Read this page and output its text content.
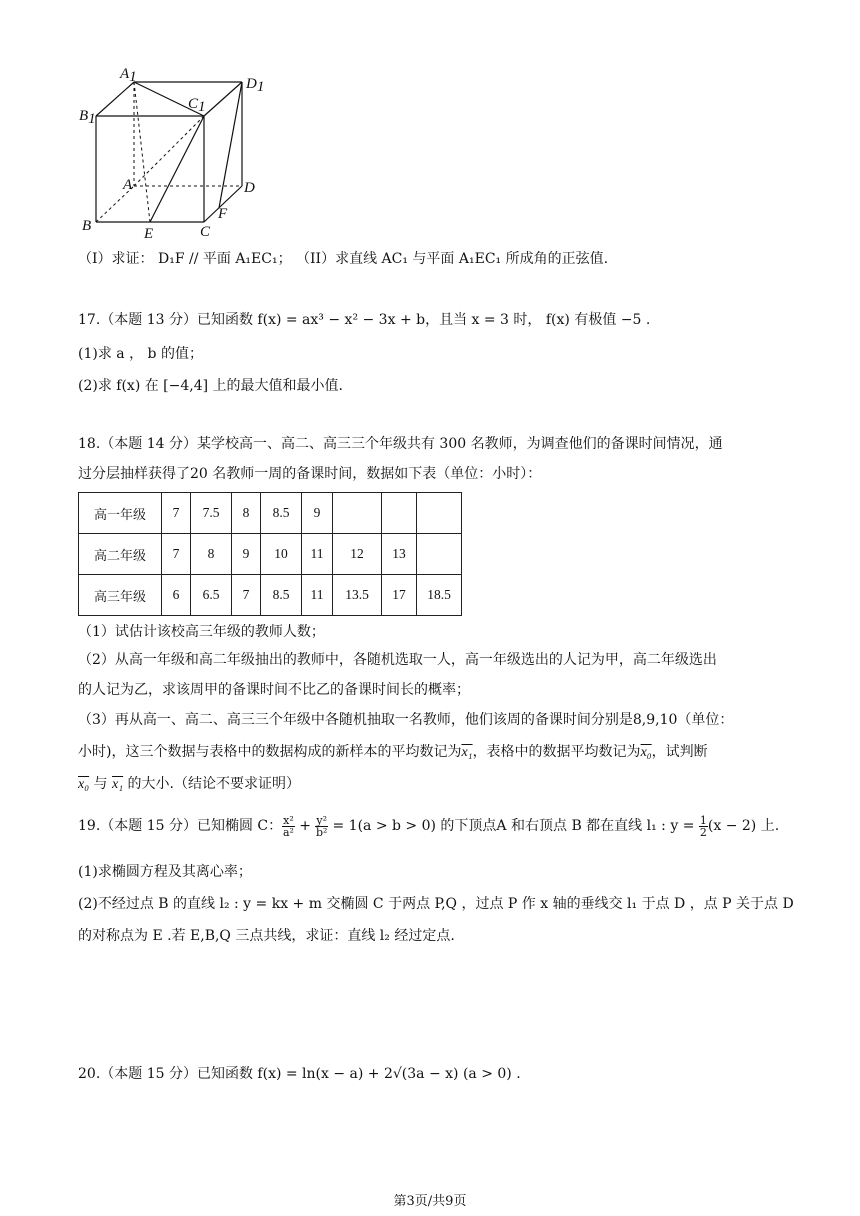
A1	D1
B1
C1
A	D
B	E	C
F
（I）求证： D₁F // 平面 A₁EC₁； （II）求直线 AC₁ 与平面 A₁EC₁ 所成角的正弦值.
17.（本题 13 分）已知函数 f(x) = ax³ − x² − 3x + b，且当 x = 3 时， f(x) 有极值 −5 .
(1)求 a ， b 的值；
(2)求 f(x) 在 [−4,4] 上的最大值和最小值.
18.（本题 14 分）某学校高一、高二、高三三个年级共有 300 名教师，为调查他们的备课时间情况，通
过分层抽样获得了20 名教师一周的备课时间，数据如下表（单位：小时）：
高一年级	7	7.5	8	8.5	9			
高二年级	7	8	9	10	11	12	13	
高三年级	6	6.5	7	8.5	11	13.5	17	18.5
（1）试估计该校高三年级的教师人数；
（2）从高一年级和高二年级抽出的教师中，各随机选取一人，高一年级选出的人记为甲，高二年级选出
的人记为乙，求该周甲的备课时间不比乙的备课时间长的概率；
（3）再从高一、高二、高三三个年级中各随机抽取一名教师，他们该周的备课时间分别是8,9,10（单位：
小时)，这三个数据与表格中的数据构成的新样本的平均数记为x₁，表格中的数据平均数记为x₀，试判断
x₀ 与 x₁ 的大小.（结论不要求证明）
19.（本题 15 分）已知椭圆 C： $\frac{\text{x²}}{\text{a²}} + \frac{\text{y²}}{\text{b²}} = 1(a > b > 0)$ 的下顶点A 和右顶点 B 都在直线 l₁ : $y = \frac{1}{2} (x - 2)$ 上.
(1)求椭圆方程及其离心率；
(2)不经过点 B 的直线 l₂ : y = kx + m 交椭圆 C 于两点 P,Q ，过点 P 作 x 轴的垂线交 l₁ 于点 D ，点 P 关于点 D
的对称点为 E .若 E,B,Q 三点共线，求证：直线 l₂ 经过定点.
20.（本题 15 分）已知函数 f(x) = ln(x − a) + 2√(3a − x) (a > 0) .
第3页/共9页
